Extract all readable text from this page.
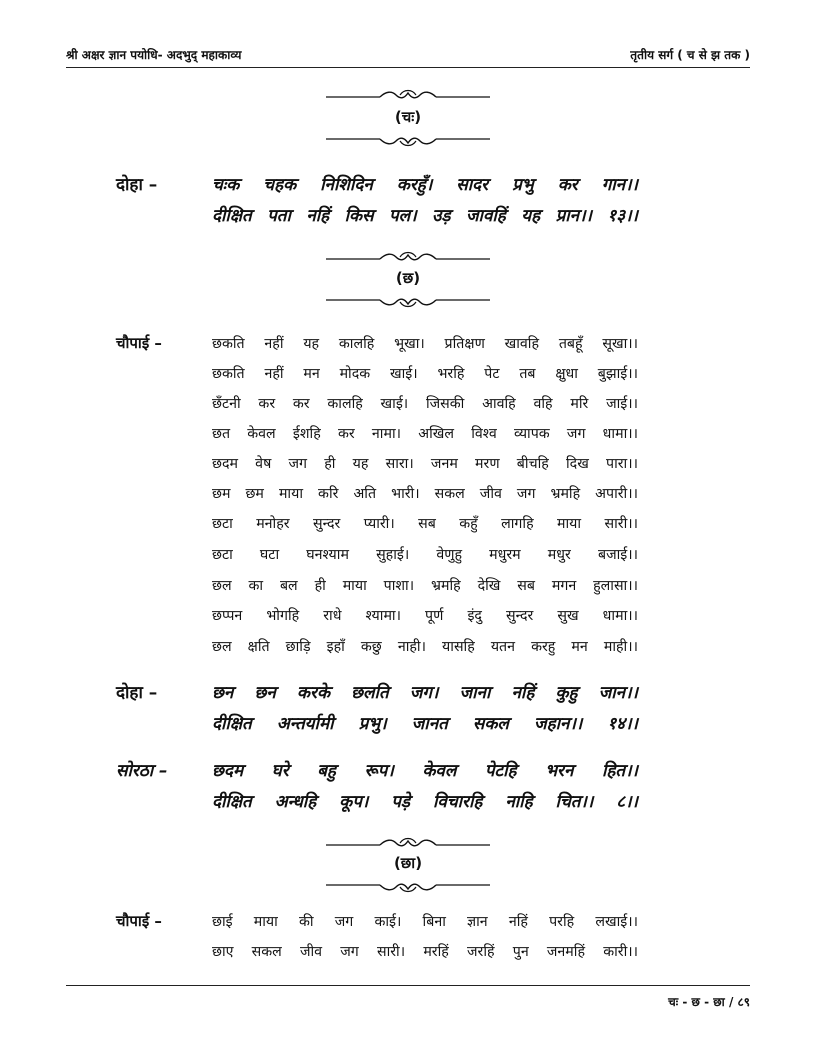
श्री अक्षर ज्ञान पयोधि- अदभुद् महाकाव्य	तृतीय सर्ग ( च से झ तक )
(चः)
दोहा –	चःक चहक निशिदिन करहुँ। सादर प्रभु कर गान।।
दीक्षित पता नहिं किस पल। उड़ जावहिं यह प्रान।। १३।।
(छ)
चौपाई –	छकति नहीं यह कालहि भूखा। प्रतिक्षण खावहि तबहूँ सूखा।।
छकति नहीं मन मोदक खाई। भरहि पेट तब क्षुधा बुझाई।।
छँटनी कर कर कालहि खाई। जिसकी आवहि वहि मरि जाई।।
छत केवल ईशहि कर नामा। अखिल विश्व व्यापक जग धामा।।
छदम वेष जग ही यह सारा। जनम मरण बीचहि दिख पारा।।
छम छम माया करि अति भारी। सकल जीव जग भ्रमहि अपारी।।
छटा मनोहर सुन्दर प्यारी। सब कहुँ लागहि माया सारी।।
छटा घटा घनश्याम सुहाई। वेणुहु मधुरम मधुर बजाई।।
छल का बल ही माया पाशा। भ्रमहि देखि सब मगन हुलासा।।
छप्पन भोगहि राधे श्यामा। पूर्ण इंदु सुन्दर सुख धामा।।
छल क्षति छाड़ि इहाँ कछु नाही। यासहि यतन करहु मन माही।।
दोहा –	छन छन करके छलति जग। जाना नहिं कुहु जान।।
दीक्षित अन्तर्यामी प्रभु। जानत सकल जहान।। १४।।
सोरठा –	छदम घरे बहु रूप। केवल पेटहि भरन हित।।
दीक्षित अन्धहि कूप। पड़े विचारहि नाहि चित।। ८।।
(छा)
चौपाई –	छाई माया की जग काई। बिना ज्ञान नहिं परहि लखाई।।
छाए सकल जीव जग सारी। मरहिं जरहिं पुन जनमहिं कारी।।
चः - छ - छा / ८९
